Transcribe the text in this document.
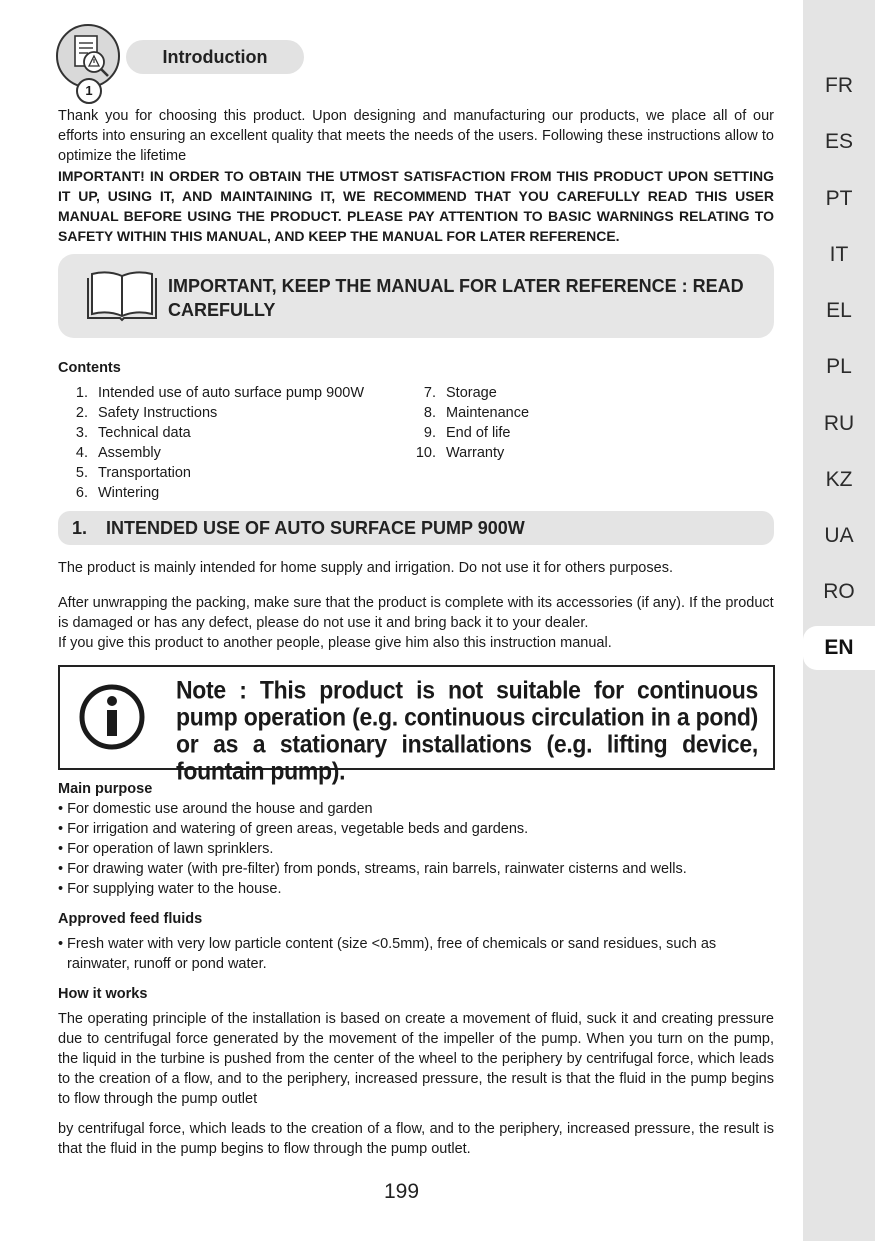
1
Introduction
Thank you for choosing this product. Upon designing and manufacturing our products, we place all of our efforts into ensuring an excellent quality that meets the needs of the users. Following these instructions allow to optimize the lifetime
IMPORTANT! IN ORDER TO OBTAIN THE UTMOST SATISFACTION FROM THIS PRODUCT UPON SETTING IT UP, USING IT, AND MAINTAINING IT, WE RECOMMEND THAT YOU CAREFULLY READ THIS USER MANUAL BEFORE USING THE PRODUCT. PLEASE PAY ATTENTION TO BASIC WARNINGS RELATING TO SAFETY WITHIN THIS MANUAL, AND KEEP THE MANUAL FOR LATER REFERENCE.
IMPORTANT, KEEP THE MANUAL FOR LATER REFERENCE : READ CAREFULLY
Contents
1. Intended use of auto surface pump 900W
2. Safety Instructions
3. Technical data
4. Assembly
5. Transportation
6. Wintering
7. Storage
8. Maintenance
9. End of life
10. Warranty
1. INTENDED USE OF AUTO SURFACE PUMP 900W
The product is mainly intended for home supply and irrigation. Do not use it for others purposes.
After unwrapping the packing, make sure that the product is complete with its accessories (if any). If the product is damaged or has any defect, please do not use it and bring back it to your dealer.
If you give this product to another people, please give him also this instruction manual.
Note : This product is not suitable for continuous pump operation (e.g. continuous circulation in a pond) or as a stationary installations (e.g. lifting device, fountain pump).
Main purpose
• For domestic use around the house and garden
• For irrigation and watering of green areas, vegetable beds and gardens.
• For operation of lawn sprinklers.
• For drawing water (with pre-filter) from ponds, streams, rain barrels, rainwater cisterns and wells.
• For supplying water to the house.
Approved feed fluids
• Fresh water with very low particle content (size <0.5mm), free of chemicals or sand residues, such as rainwater, runoff or pond water.
How it works
The operating principle of the installation is based on create a movement of fluid, suck it and creating pressure due to centrifugal force generated by the movement of the impeller of the pump. When you turn on the pump, the liquid in the turbine is pushed from the center of the wheel to the periphery by centrifugal force, which leads to the creation of a flow, and to the periphery, increased pressure, the result is that the fluid in the pump begins to flow through the pump outlet
by centrifugal force, which leads to the creation of a flow, and to the periphery, increased pressure, the result is that the fluid in the pump begins to flow through the pump outlet.
199
FR
ES
PT
IT
EL
PL
RU
KZ
UA
RO
EN
